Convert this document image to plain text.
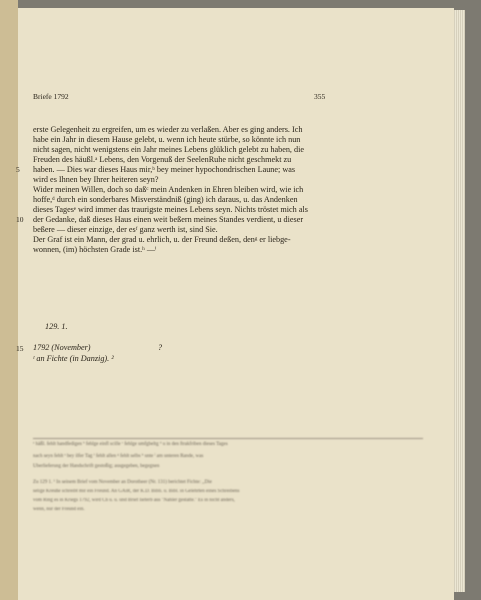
Briefe 1792	355
erste Gelegenheit zu ergreifen, um es wieder zu verlaßen. Aber es ging anders. Ich
habe ein Jahr in diesem Hause gelebt, u. wenn ich heute stürbe, so könnte ich nun
nicht sagen, nicht wenigstens ein Jahr meines Lebens glüklich gelebt zu haben, die
Freuden des häußl.ᵃ Lebens, den Vorgenuß der SeelenRuhe nicht geschmekt zu
haben. — Dies war dieses Haus mir,ᵇ bey meiner hypochondrischen Laune; was
wird es Ihnen bey Ihrer heiteren seyn?
Wider meinen Willen, doch so daßᶜ mein Andenken in Ehren bleiben wird, wie ich
hoffe,ᵈ durch ein sonderbares Misverständniß (ging) ich daraus, u. das Andenken
dieses Tagesᵉ wird immer das traurigste meines Lebens seyn. Nichts tröstet mich als
der Gedanke, daß dieses Haus einen weit beßern meines Standes verdient, u dieser
beßere — dieser einzige, der esᶠ ganz werth ist, sind Sie.
Der Graf ist ein Mann, der grad u. ehrlich, u. der Freund deßen, denᵍ er liebge-
wonnen, (im) höchsten Grade ist.ʰ —ⁱ
5
10
129. 1.
15 1792 (November)	?
ᵗ an Fichte (in Danzig). ²
ᵃ häßl. fehlt handfedigen ᵇ fehlge einfl scille ᶜ fehlge umfgbeltg ᵈ u in den ftrakfriben dieses Tages
nach seyn fehlt ᵉ bey ilfer Tag ᶠ fehlt allen ᵍ fehlt selbs ʰ unte ⁱ am unteren Rande, was
Überlieferung der Handschrift gestoßig; ausgegeben, begegnen
Zu 129 1. ¹ In seinem Brief vom November an Dorotheer (Nr. 131) berichtet Fichte: ,,Die
selige Kreuße schreibt mir ein Freund. An GAiR, der K.D. Bibli. u. Bibl. in Gelehrten eines Schreibens
vom Ring es in Kriegs 1792, wird Ch u. u. und Brief lieferb aus ''Nahler gestalte.'' Es in nicht anders,
wenn, nur der Freund ein.
